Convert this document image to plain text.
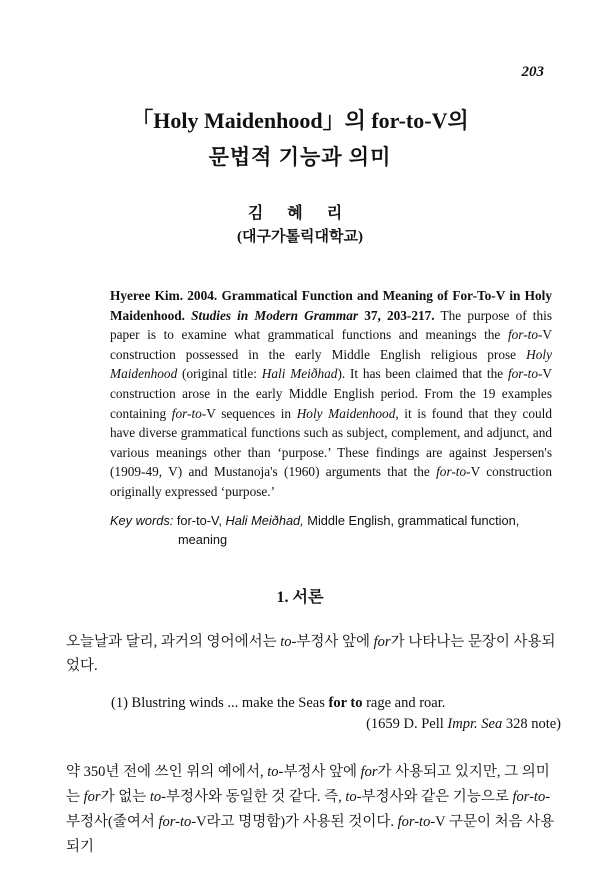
203
「Holy Maidenhood」의 for-to-V의
문법적 기능과 의미
김 혜 리
(대구가톨릭대학교)
Hyeree Kim. 2004. Grammatical Function and Meaning of For-To-V in Holy Maidenhood. Studies in Modern Grammar 37, 203-217. The purpose of this paper is to examine what grammatical functions and meanings the for-to-V construction possessed in the early Middle English religious prose Holy Maidenhood (original title: Hali Meiðhad). It has been claimed that the for-to-V construction arose in the early Middle English period. From the 19 examples containing for-to-V sequences in Holy Maidenhood, it is found that they could have diverse grammatical functions such as subject, complement, and adjunct, and various meanings other than ‘purpose.’ These findings are against Jespersen's (1909-49, V) and Mustanoja's (1960) arguments that the for-to-V construction originally expressed ‘purpose.’
Key words: for-to-V, Hali Meiðhad, Middle English, grammatical function,
meaning
1. 서론
오늘날과 달리, 과거의 영어에서는 to-부정사 앞에 for가 나타나는 문장이 사용되었다.
(1) Blustring winds ... make the Seas for to rage and roar.
(1659 D. Pell Impr. Sea 328 note)
약 350년 전에 쓰인 위의 예에서, to-부정사 앞에 for가 사용되고 있지만, 그 의미는 for가 없는 to-부정사와 동일한 것 같다. 즉, to-부정사와 같은 기능으로 for-to-부정사(줄여서 for-to-V라고 명명함)가 사용된 것이다. for-to-V 구문이 처음 사용되기
